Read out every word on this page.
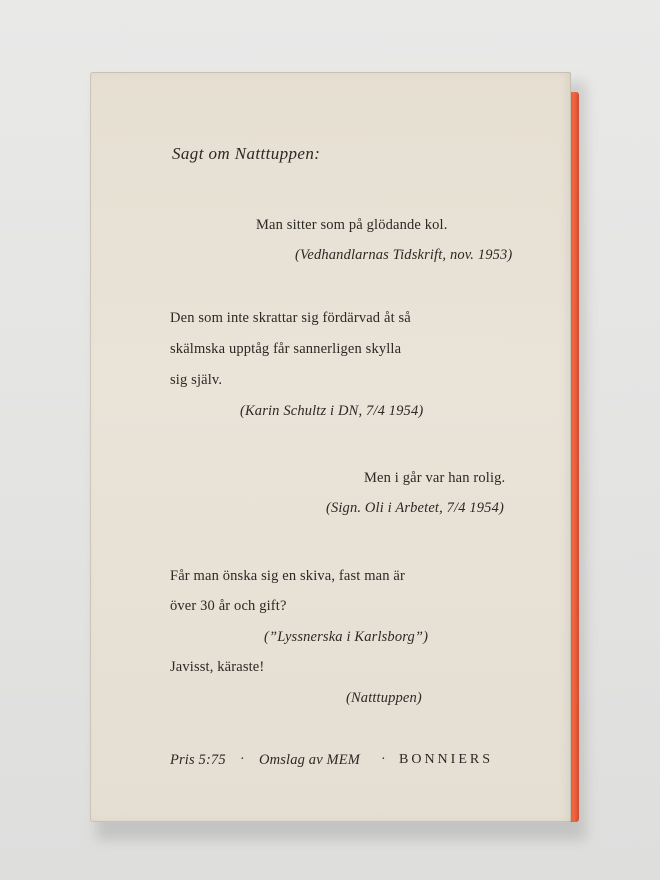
Sagt om Natttuppen:
Man sitter som på glödande kol.
(Vedhandlarnas Tidskrift, nov. 1953)
Den som inte skrattar sig fördärvad åt så
skälmska upptåg får sannerligen skylla
sig själv.
(Karin Schultz i DN, 7/4 1954)
Men i går var han rolig.
(Sign. Oli i Arbetet, 7/4 1954)
Får man önska sig en skiva, fast man är
över 30 år och gift?
(”Lyssnerska i Karlsborg”)
Javisst, käraste!
(Natttuppen)
Pris 5:75 · Omslag av MEM · BONNIERS
